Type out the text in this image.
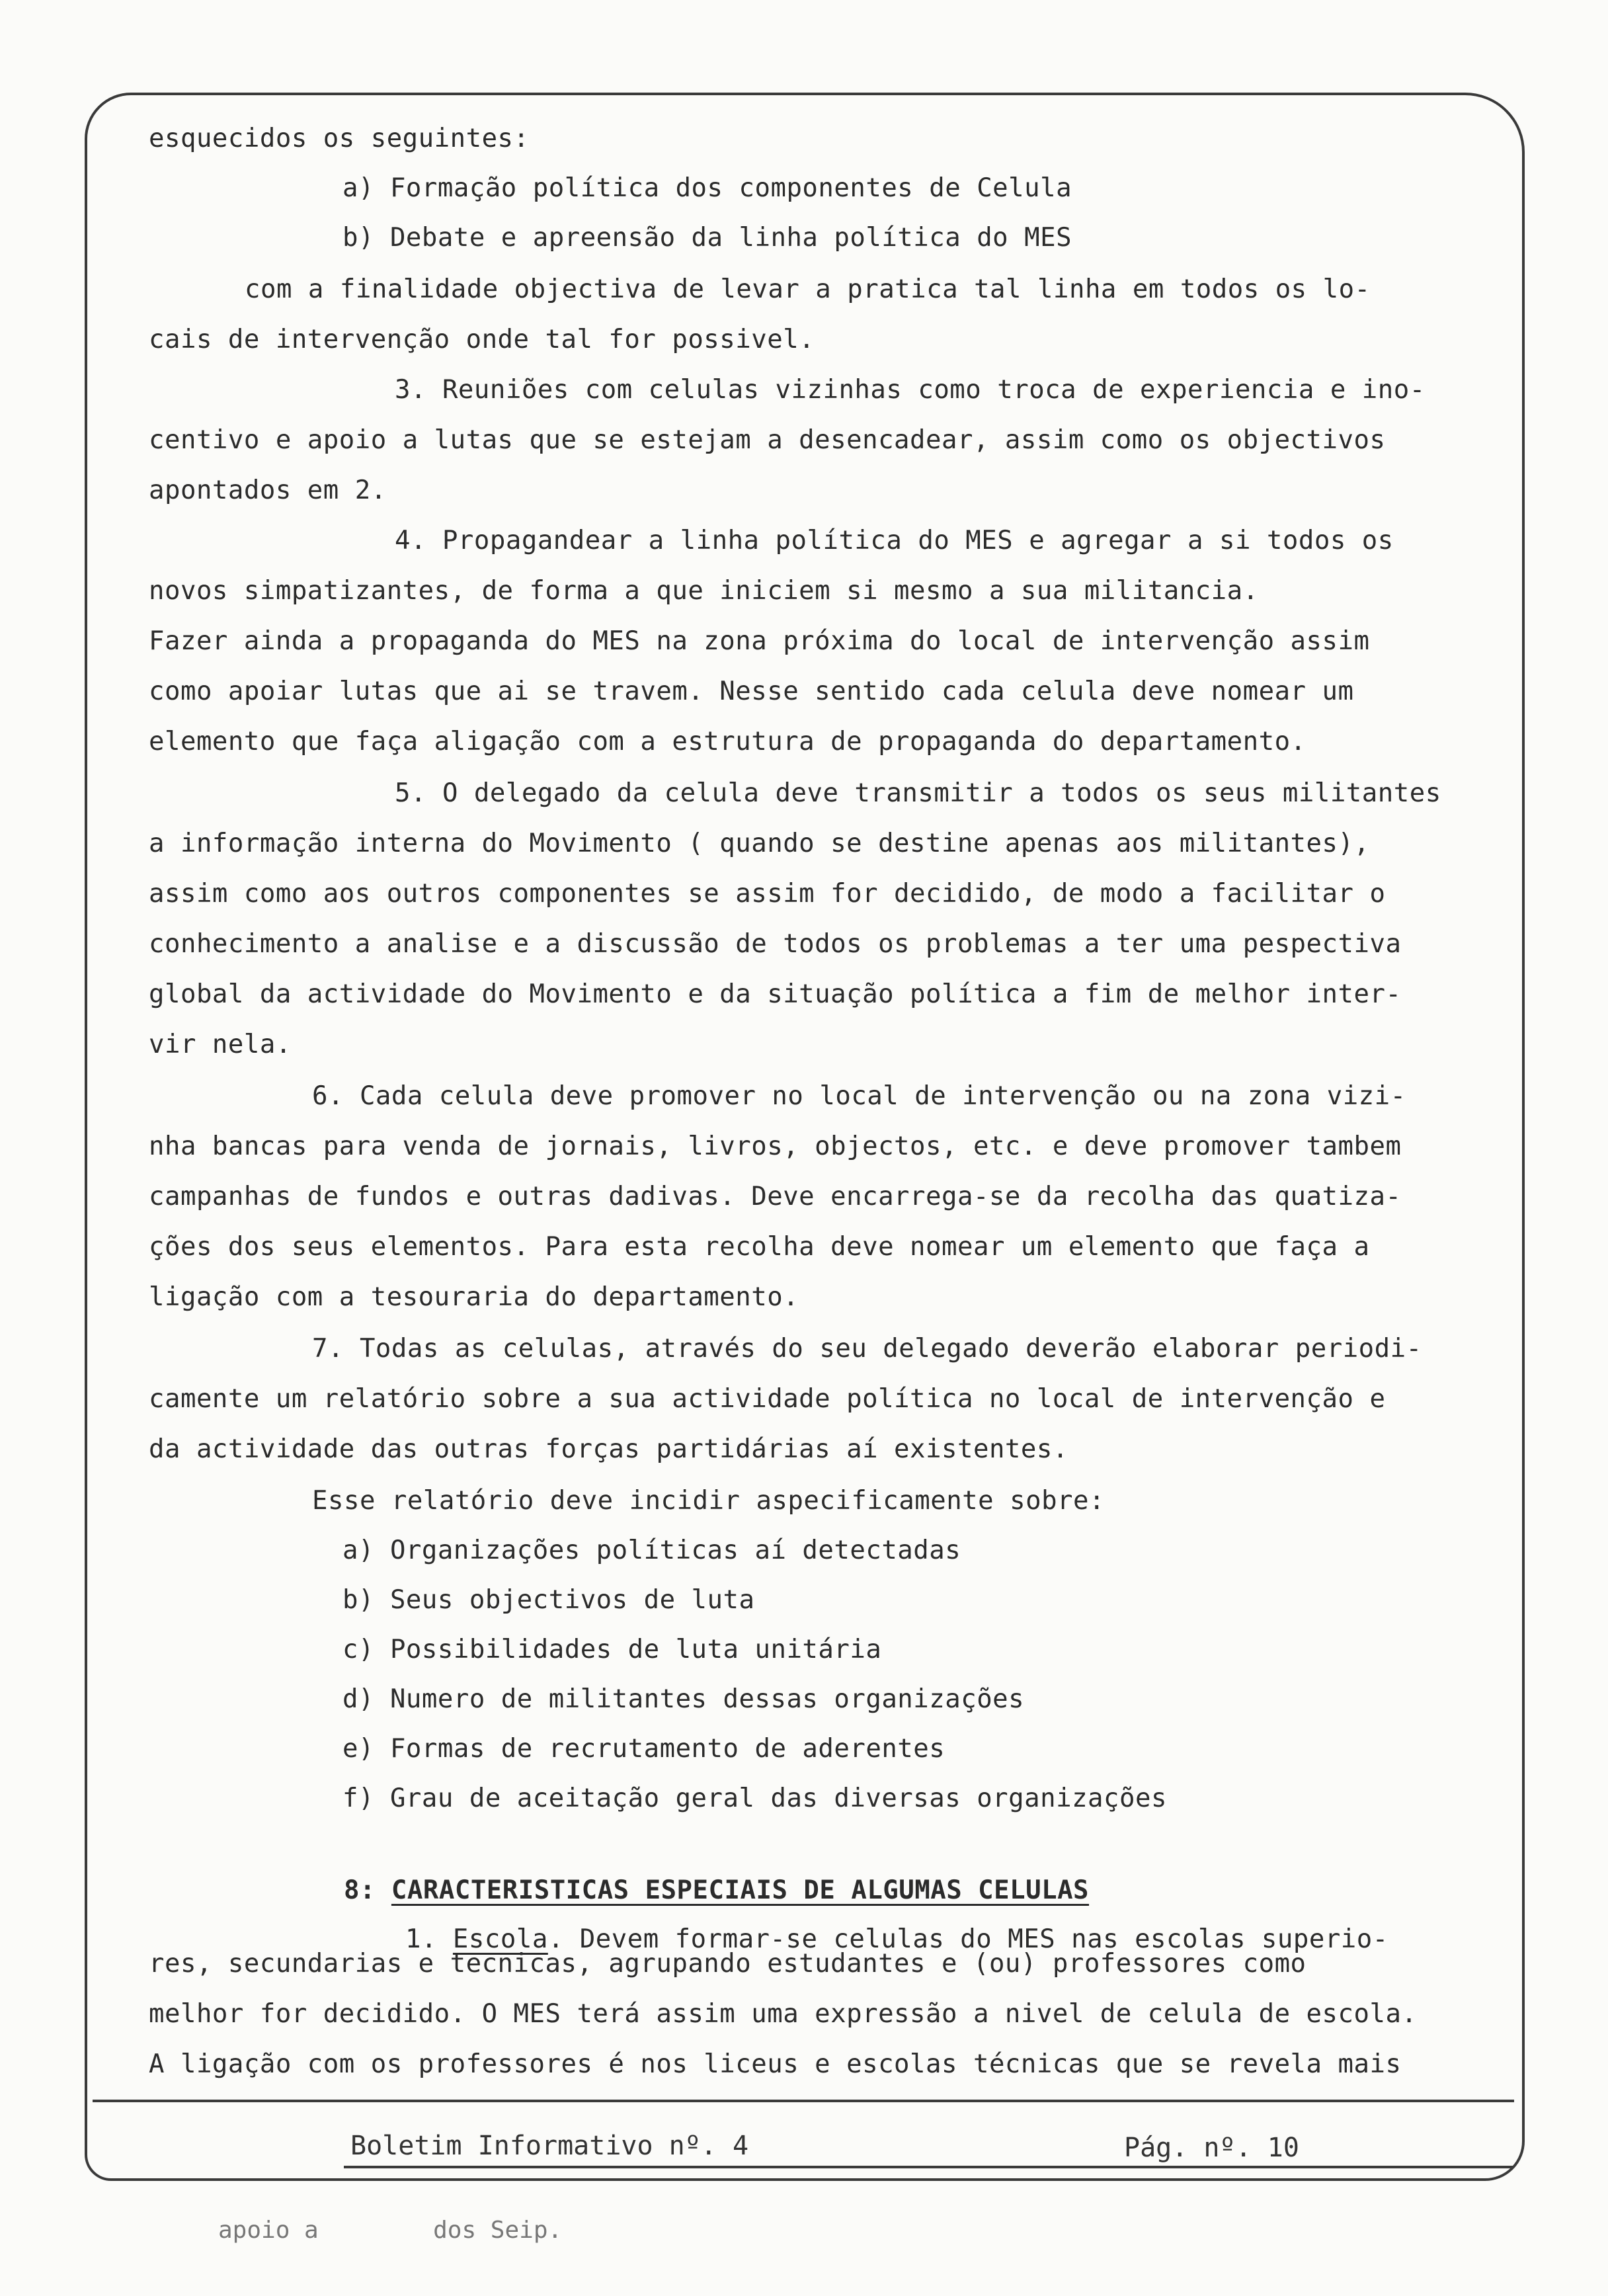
esquecidos os seguintes:
a) Formação política dos componentes de Celula
b) Debate e apreensão da linha política do MES
com a finalidade objectiva de levar a pratica tal linha em todos os lo-
cais de intervenção onde tal for possivel.
3. Reuniões com celulas vizinhas como troca de experiencia e ino-
centivo e apoio a lutas que se estejam a desencadear, assim como os objectivos
apontados em 2.
4. Propagandear a linha política do MES e agregar a si todos os
novos simpatizantes, de forma a que iniciem si mesmo a sua militancia.
Fazer ainda a propaganda do MES na zona próxima do local de intervenção assim
como apoiar lutas que ai se travem. Nesse sentido cada celula deve nomear um
elemento que faça aligação com a estrutura de propaganda do departamento.
5. O delegado da celula deve transmitir a todos os seus militantes
a informação interna do Movimento ( quando se destine apenas aos militantes),
assim como aos outros componentes se assim for decidido, de modo a facilitar o
conhecimento a analise e a discussão de todos os problemas a ter uma pespectiva
global da actividade do Movimento e da situação política a fim de melhor inter-
vir nela.
6. Cada celula deve promover no local de intervenção ou na zona vizi-
nha bancas para venda de jornais, livros, objectos, etc. e deve promover tambem
campanhas de fundos e outras dadivas. Deve encarrega-se da recolha das quatiza-
ções dos seus elementos. Para esta recolha deve nomear um elemento que faça a
ligação com a tesouraria do departamento.
7. Todas as celulas, através do seu delegado deverão elaborar periodi-
camente um relatório sobre a sua actividade política no local de intervenção e
da actividade das outras forças partidárias aí existentes.
Esse relatório deve incidir aspecificamente sobre:
a) Organizações políticas aí detectadas
b) Seus objectivos de luta
c) Possibilidades de luta unitária
d) Numero de militantes dessas organizações
e) Formas de recrutamento de aderentes
f) Grau de aceitação geral das diversas organizações
res, secundarias e tecnicas, agrupando estudantes e (ou) professores como
melhor for decidido. O MES terá assim uma expressão a nivel de celula de escola.
A ligação com os professores é nos liceus e escolas técnicas que se revela mais

8: CARACTERISTICAS ESPECIAIS DE ALGUMAS CELULAS

1. Escola. Devem formar-se celulas do MES nas escolas superio-

Boletim Informativo nº. 4	Pág. nº. 10
apoio a        dos Seip.
